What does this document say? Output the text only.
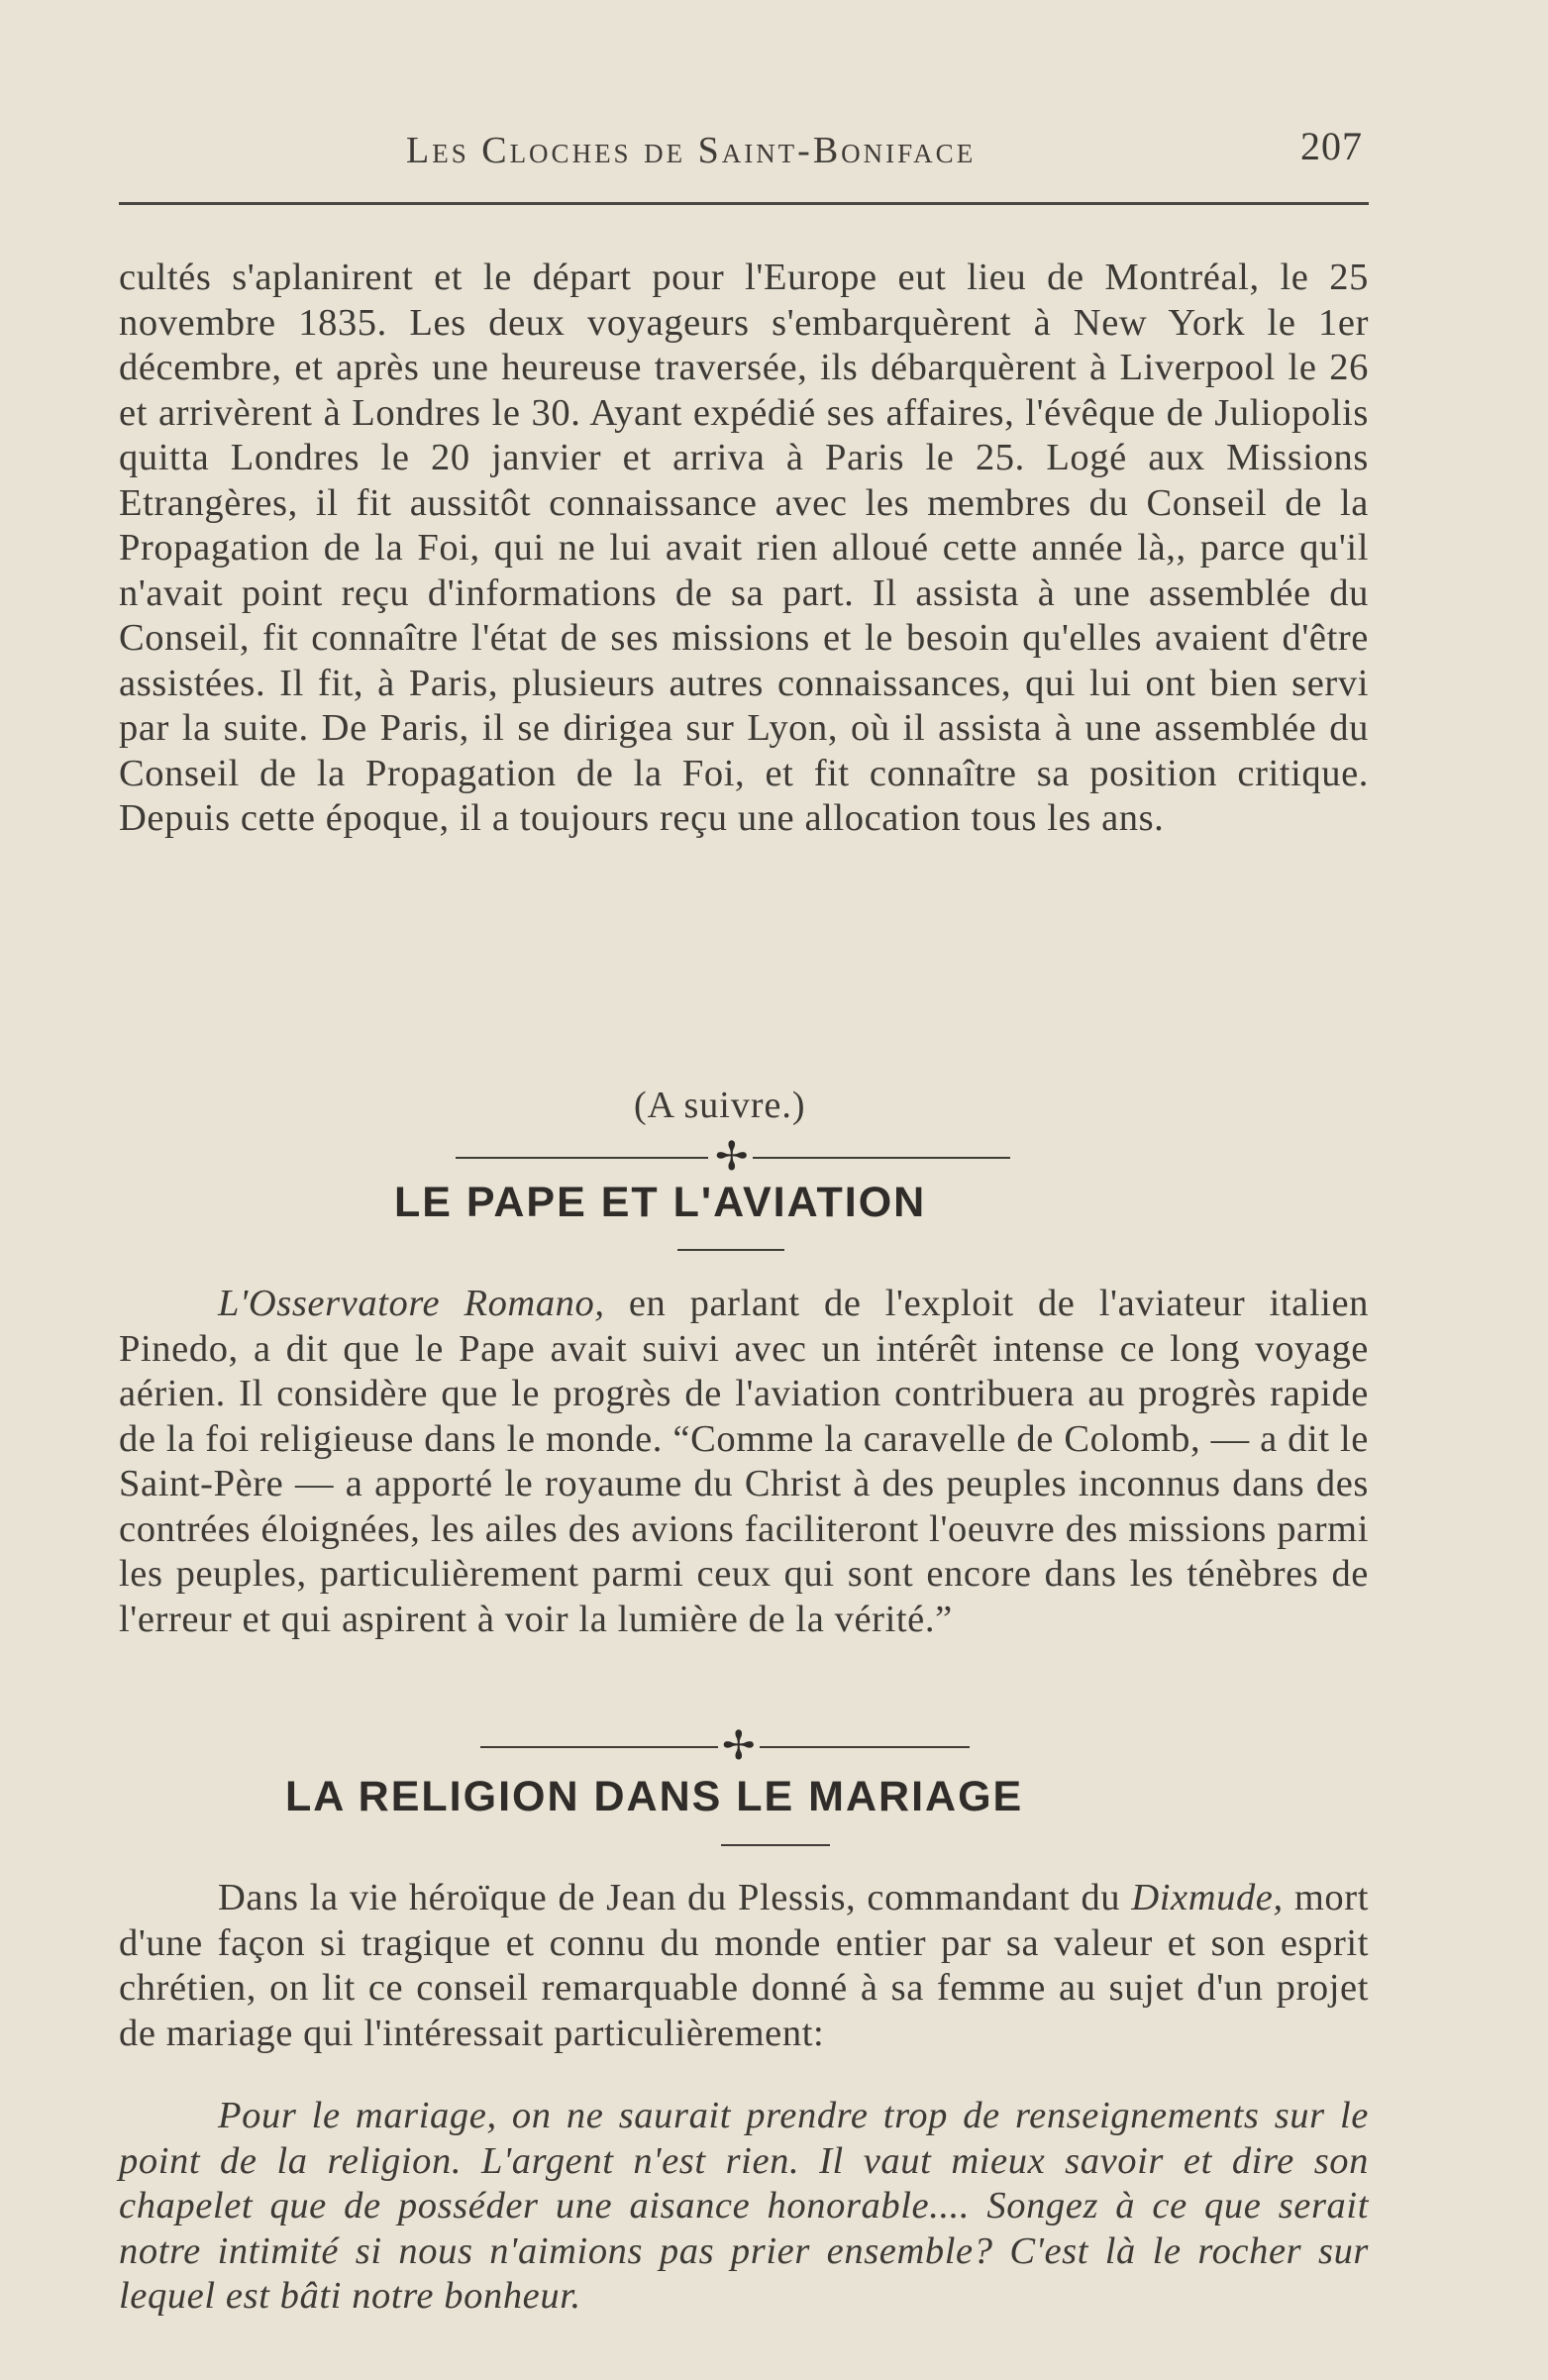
Les Cloches de Saint-Boniface	207
cultés s'aplanirent et le départ pour l'Europe eut lieu de Montréal, le 25 novembre 1835. Les deux voyageurs s'embarquèrent à New York le 1er décembre, et après une heureuse traversée, ils débarquèrent à Liverpool le 26 et arrivèrent à Londres le 30. Ayant expédié ses affaires, l'évêque de Juliopolis quitta Londres le 20 janvier et arriva à Paris le 25. Logé aux Missions Etrangères, il fit aussitôt connaissance avec les membres du Conseil de la Propagation de la Foi, qui ne lui avait rien alloué cette année là,, parce qu'il n'avait point reçu d'informations de sa part. Il assista à une assemblée du Conseil, fit connaître l'état de ses missions et le besoin qu'elles avaient d'être assistées. Il fit, à Paris, plusieurs autres connaissances, qui lui ont bien servi par la suite. De Paris, il se dirigea sur Lyon, où il assista à une assemblée du Conseil de la Propagation de la Foi, et fit connaître sa position critique. Depuis cette époque, il a toujours reçu une allocation tous les ans.
(A suivre.)
✢
LE PAPE ET L'AVIATION
L'Osservatore Romano, en parlant de l'exploit de l'aviateur italien Pinedo, a dit que le Pape avait suivi avec un intérêt intense ce long voyage aérien. Il considère que le progrès de l'aviation contribuera au progrès rapide de la foi religieuse dans le monde. “Comme la caravelle de Colomb, — a dit le Saint-Père — a apporté le royaume du Christ à des peuples inconnus dans des contrées éloignées, les ailes des avions faciliteront l'oeuvre des missions parmi les peuples, particulièrement parmi ceux qui sont encore dans les ténèbres de l'erreur et qui aspirent à voir la lumière de la vérité.”
✢
LA RELIGION DANS LE MARIAGE
Dans la vie héroïque de Jean du Plessis, commandant du Dixmude, mort d'une façon si tragique et connu du monde entier par sa valeur et son esprit chrétien, on lit ce conseil remarquable donné à sa femme au sujet d'un projet de mariage qui l'intéressait particulièrement:
Pour le mariage, on ne saurait prendre trop de renseignements sur le point de la religion. L'argent n'est rien. Il vaut mieux savoir et dire son chapelet que de posséder une aisance honorable.... Songez à ce que serait notre intimité si nous n'aimions pas prier ensemble? C'est là le rocher sur lequel est bâti notre bonheur.
